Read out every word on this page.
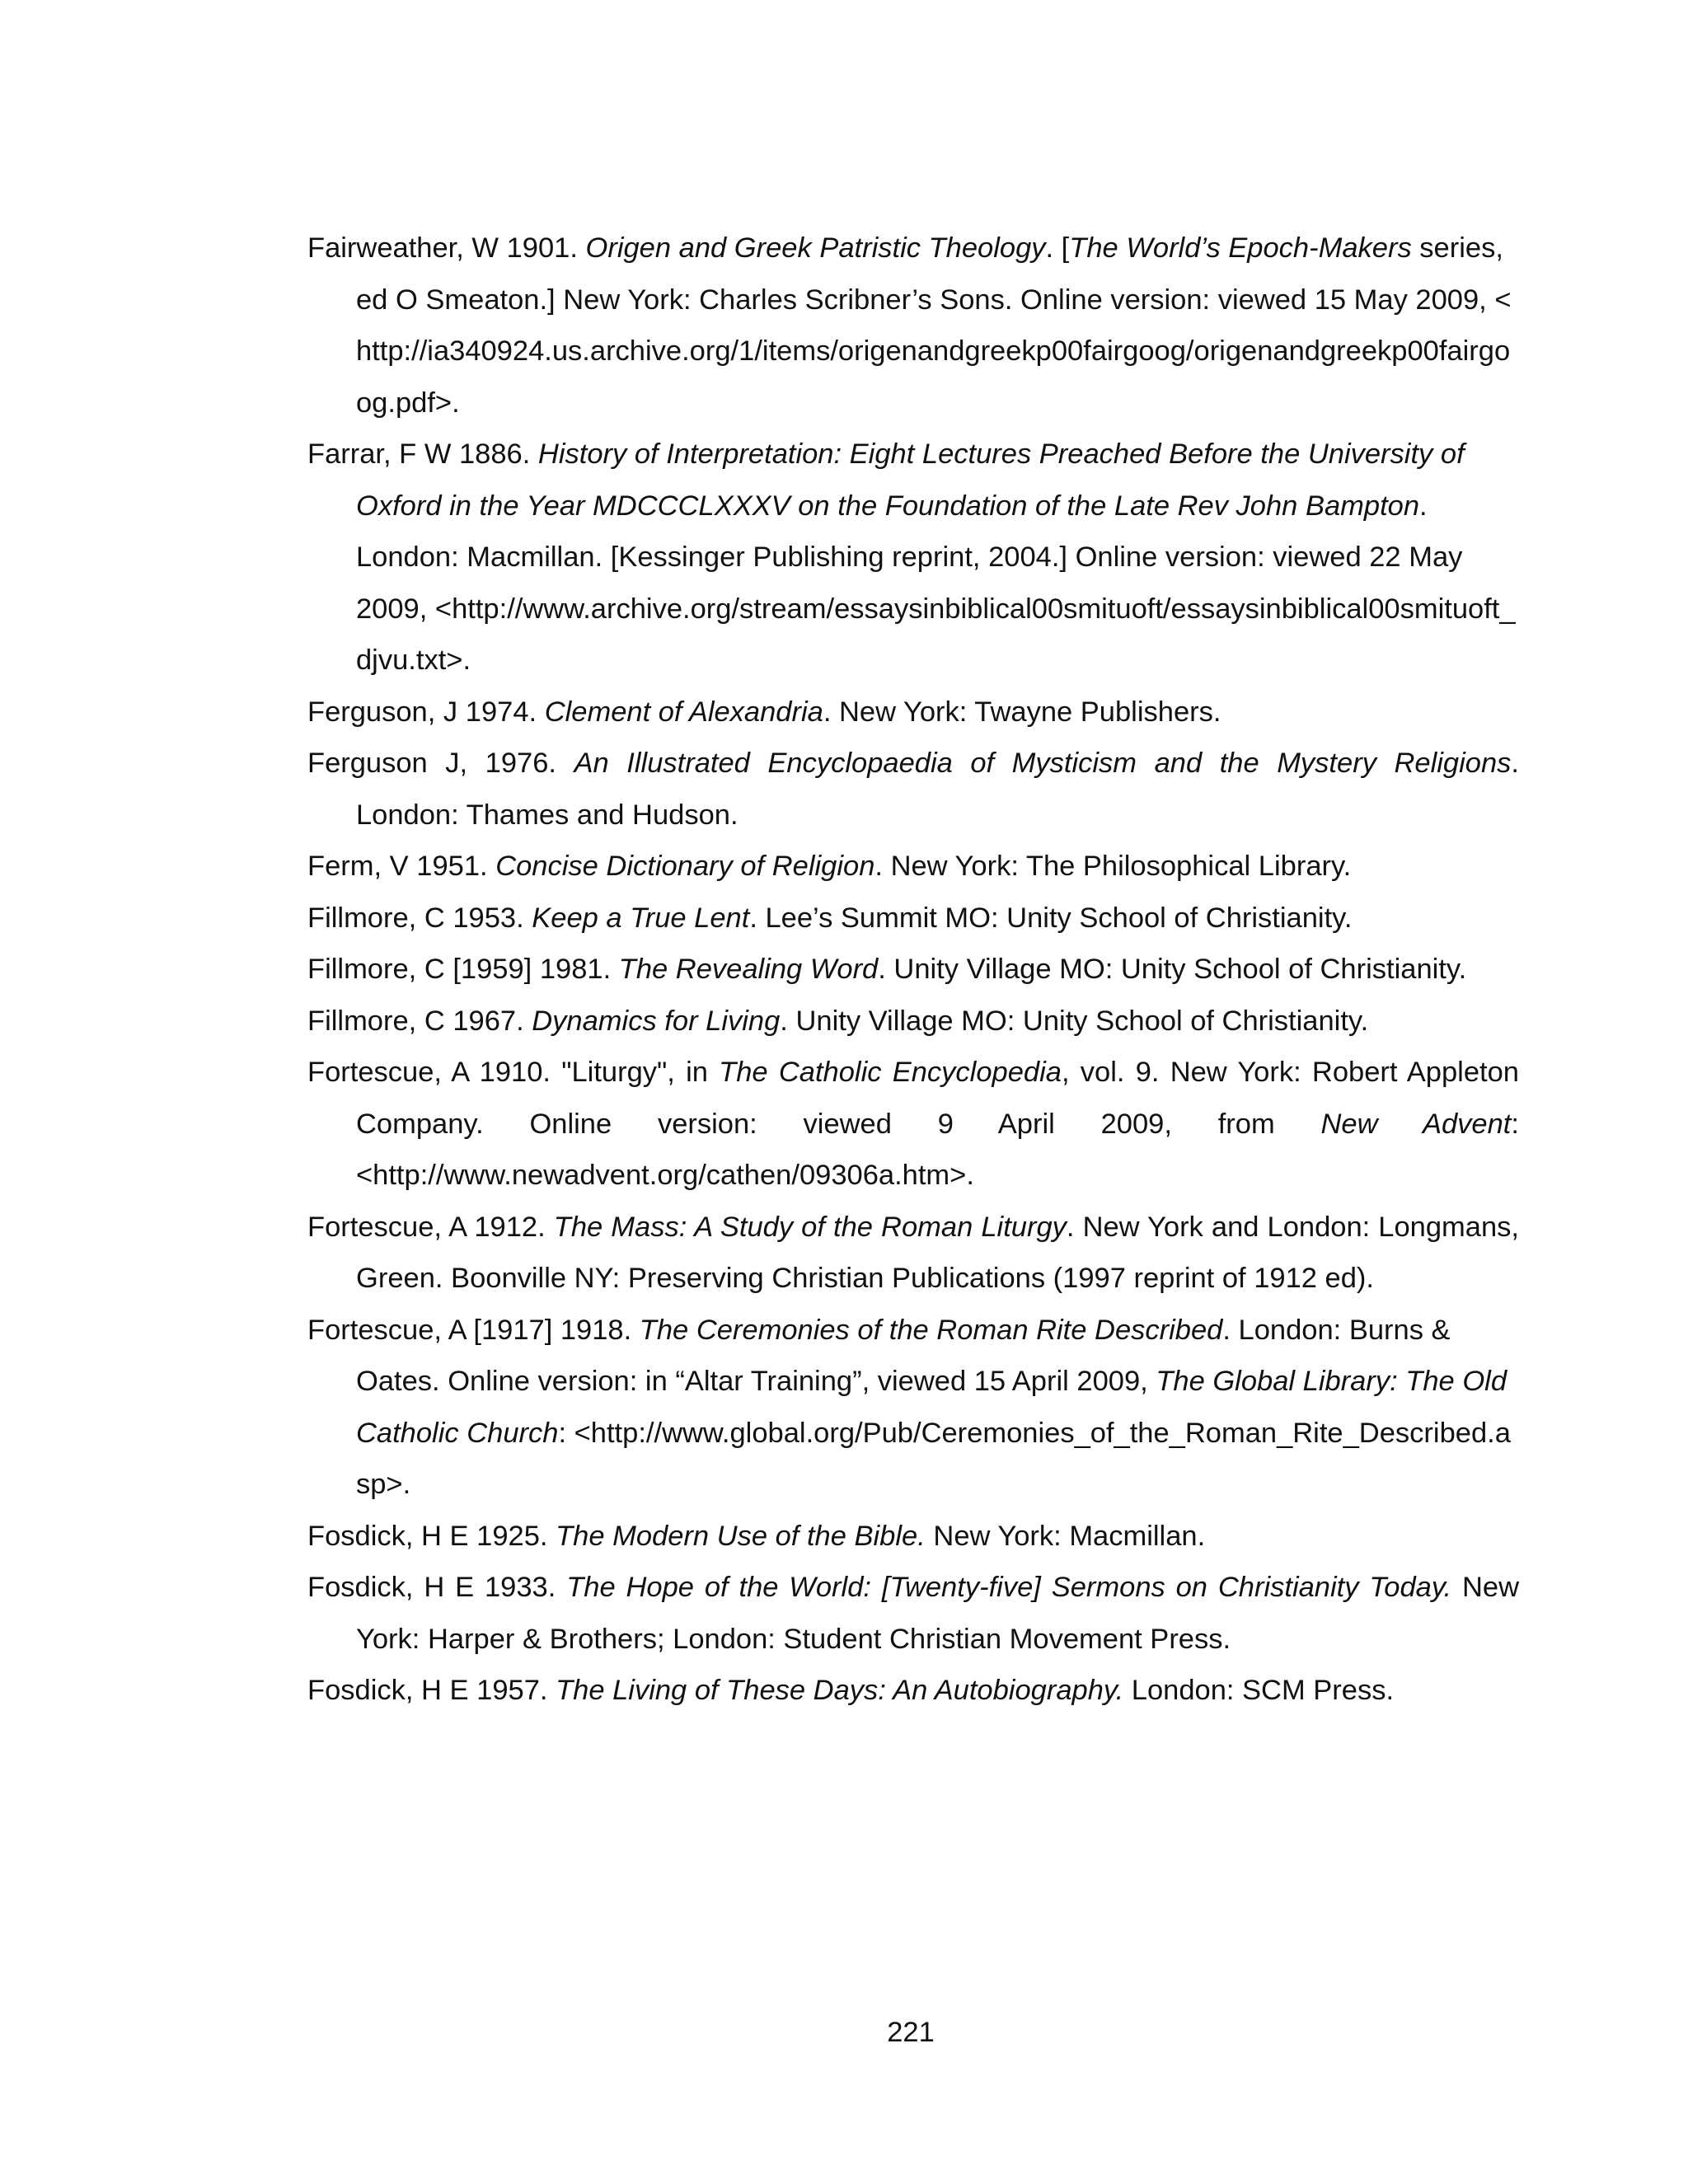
Fairweather, W 1901. Origen and Greek Patristic Theology. [The World’s Epoch-Makers series, ed O Smeaton.] New York: Charles Scribner’s Sons. Online version: viewed 15 May 2009, <http://ia340924.us.archive.org/1/items/origenandgreekp00fairgoog/origenandgreekp00fairgoog.pdf>.

Farrar, F W 1886. History of Interpretation: Eight Lectures Preached Before the University of Oxford in the Year MDCCCLXXXV on the Foundation of the Late Rev John Bampton. London: Macmillan. [Kessinger Publishing reprint, 2004.] Online version: viewed 22 May 2009, <http://www.archive.org/stream/essaysinbiblical00smituoft/essaysinbiblical00smituoft_djvu.txt>.

Ferguson, J 1974. Clement of Alexandria. New York: Twayne Publishers.

Ferguson J, 1976. An Illustrated Encyclopaedia of Mysticism and the Mystery Religions. London: Thames and Hudson.

Ferm, V 1951. Concise Dictionary of Religion. New York: The Philosophical Library.

Fillmore, C 1953. Keep a True Lent. Lee’s Summit MO: Unity School of Christianity.

Fillmore, C [1959] 1981. The Revealing Word. Unity Village MO: Unity School of Christianity.

Fillmore, C 1967. Dynamics for Living. Unity Village MO: Unity School of Christianity.

Fortescue, A 1910. "Liturgy", in The Catholic Encyclopedia, vol. 9. New York: Robert Appleton Company. Online version: viewed 9 April 2009, from New Advent: <http://www.newadvent.org/cathen/09306a.htm>.

Fortescue, A 1912. The Mass: A Study of the Roman Liturgy. New York and London: Longmans, Green. Boonville NY: Preserving Christian Publications (1997 reprint of 1912 ed).

Fortescue, A [1917] 1918. The Ceremonies of the Roman Rite Described. London: Burns & Oates. Online version: in “Altar Training”, viewed 15 April 2009, The Global Library: The Old Catholic Church: <http://www.global.org/Pub/Ceremonies_of_the_Roman_Rite_Described.asp>.

Fosdick, H E 1925. The Modern Use of the Bible. New York: Macmillan.

Fosdick, H E 1933. The Hope of the World: [Twenty-five] Sermons on Christianity Today. New York: Harper & Brothers; London: Student Christian Movement Press.

Fosdick, H E 1957. The Living of These Days: An Autobiography. London: SCM Press.

221
